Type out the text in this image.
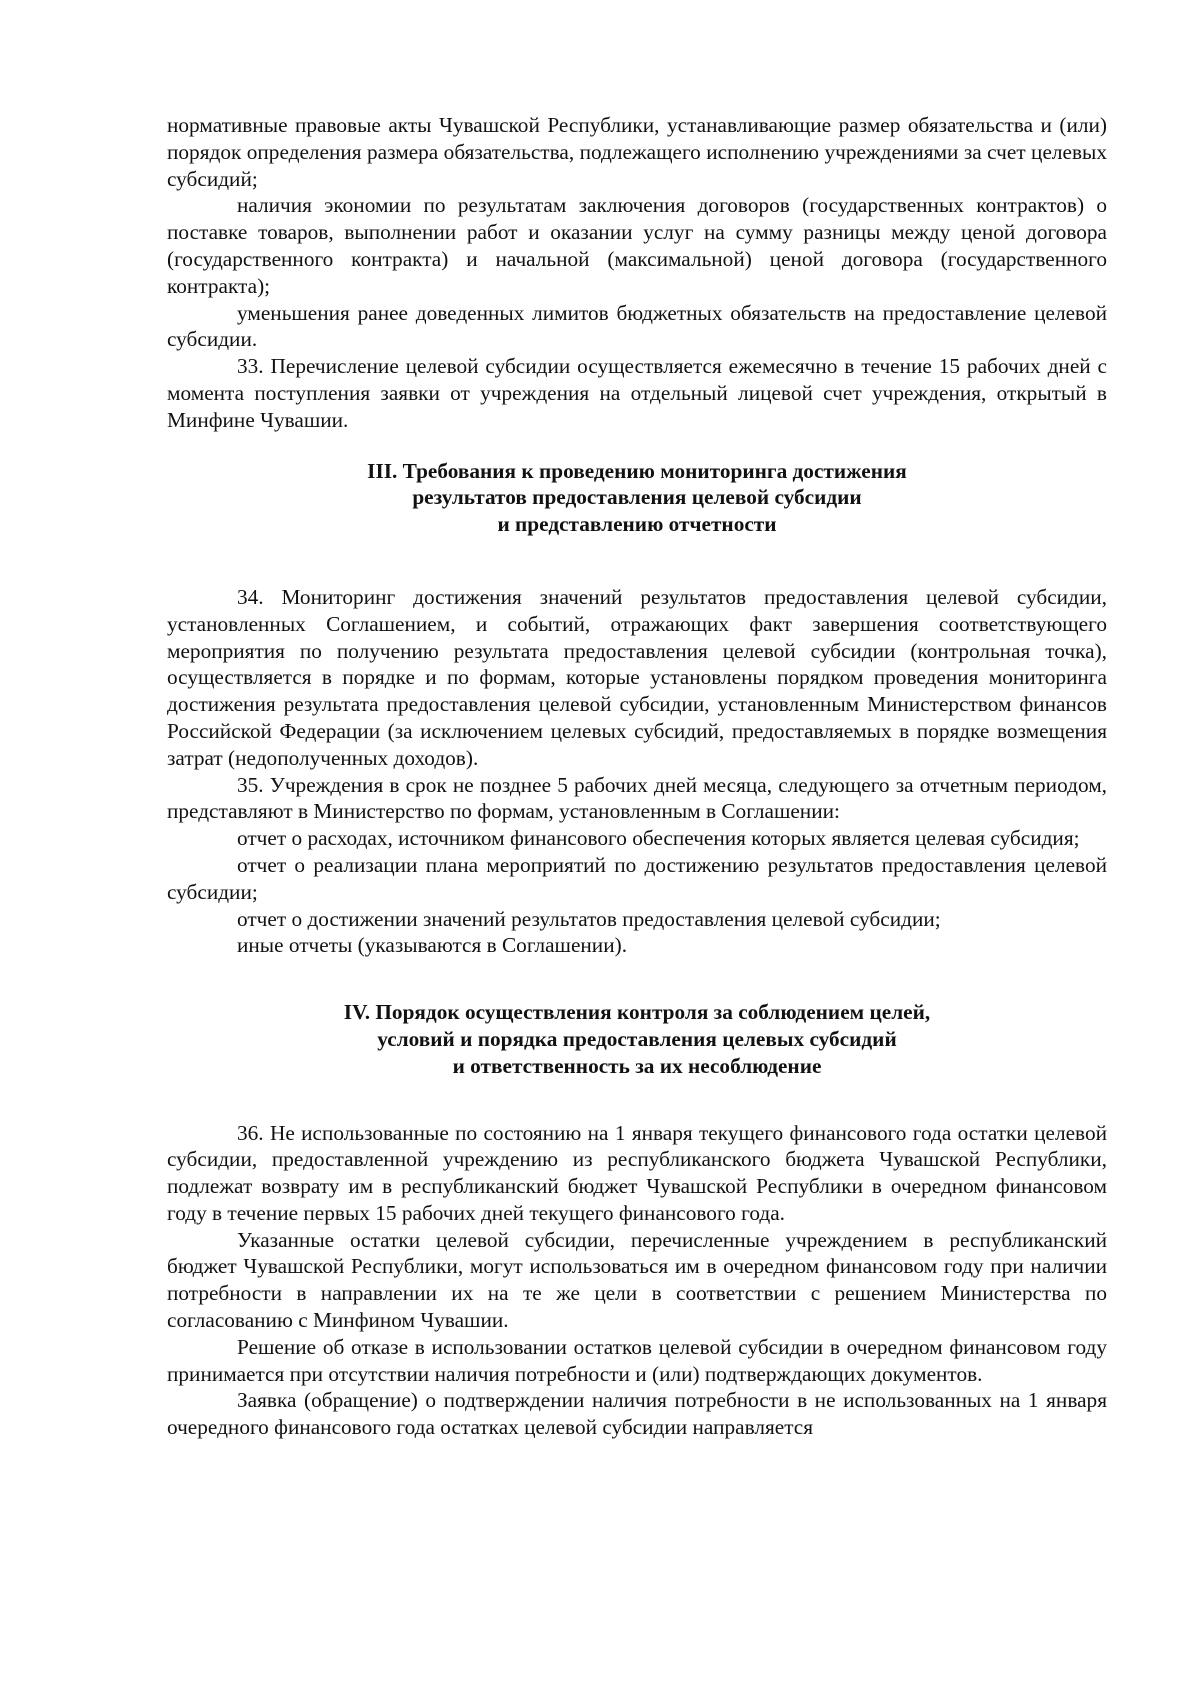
нормативные правовые акты Чувашской Республики, устанавливающие размер обязательства и (или) порядок определения размера обязательства, подлежащего исполнению учреждениями за счет целевых субсидий;

наличия экономии по результатам заключения договоров (государственных контрактов) о поставке товаров, выполнении работ и оказании услуг на сумму разницы между ценой договора (государственного контракта) и начальной (максимальной) ценой договора (государственного контракта);

уменьшения ранее доведенных лимитов бюджетных обязательств на предоставление целевой субсидии.

33. Перечисление целевой субсидии осуществляется ежемесячно в течение 15 рабочих дней с момента поступления заявки от учреждения на отдельный лицевой счет учреждения, открытый в Минфине Чувашии.

III. Требования к проведению мониторинга достижения
результатов предоставления целевой субсидии
и представлению отчетности

34. Мониторинг достижения значений результатов предоставления целевой субсидии, установленных Соглашением, и событий, отражающих факт завершения соответствующего мероприятия по получению результата предоставления целевой субсидии (контрольная точка), осуществляется в порядке и по формам, которые установлены порядком проведения мониторинга достижения результата предоставления целевой субсидии, установленным Министерством финансов Российской Федерации (за исключением целевых субсидий, предоставляемых в порядке возмещения затрат (недополученных доходов).

35. Учреждения в срок не позднее 5 рабочих дней месяца, следующего за отчетным периодом, представляют в Министерство по формам, установленным в Соглашении:

отчет о расходах, источником финансового обеспечения которых является целевая субсидия;

отчет о реализации плана мероприятий по достижению результатов предоставления целевой субсидии;

отчет о достижении значений результатов предоставления целевой субсидии;

иные отчеты (указываются в Соглашении).

IV. Порядок осуществления контроля за соблюдением целей,
условий и порядка предоставления целевых субсидий
и ответственность за их несоблюдение

36. Не использованные по состоянию на 1 января текущего финансового года остатки целевой субсидии, предоставленной учреждению из республиканского бюджета Чувашской Республики, подлежат возврату им в республиканский бюджет Чувашской Республики в очередном финансовом году в течение первых 15 рабочих дней текущего финансового года.

Указанные остатки целевой субсидии, перечисленные учреждением в республиканский бюджет Чувашской Республики, могут использоваться им в очередном финансовом году при наличии потребности в направлении их на те же цели в соответствии с решением Министерства по согласованию с Минфином Чувашии.

Решение об отказе в использовании остатков целевой субсидии в очередном финансовом году принимается при отсутствии наличия потребности и (или) подтверждающих документов.

Заявка (обращение) о подтверждении наличия потребности в не использованных на 1 января очередного финансового года остатках целевой субсидии направляется
